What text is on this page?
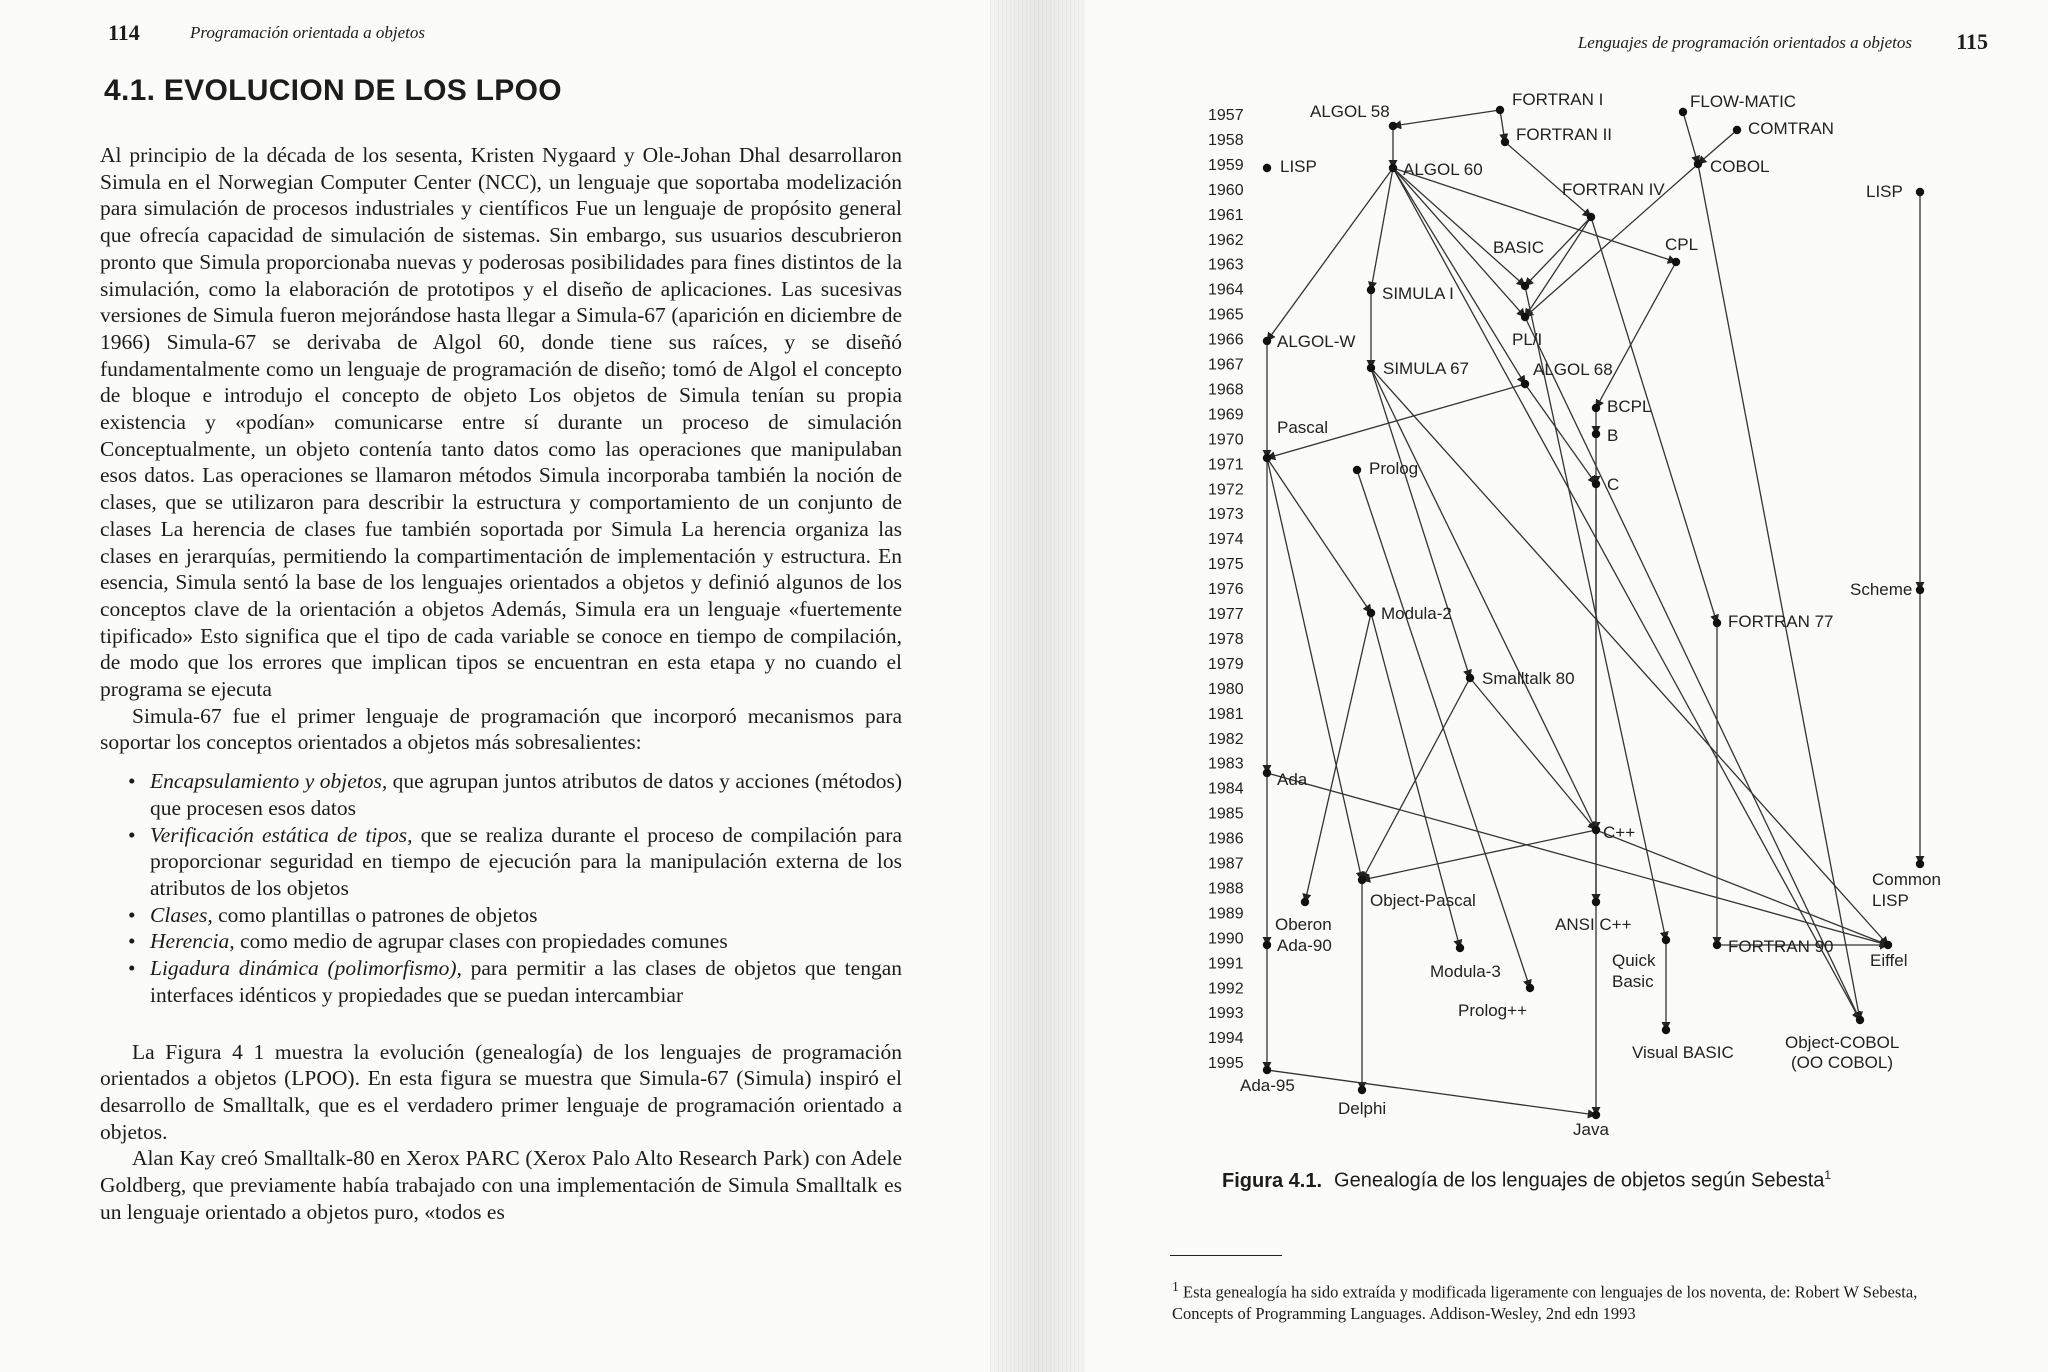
114	Programación orientada a objetos
4.1. EVOLUCION DE LOS LPOO

Al principio de la década de los sesenta, Kristen Nygaard y Ole-Johan Dhal desarrollaron Simula en el Norwegian Computer Center (NCC), un lenguaje que soportaba modelización para simulación de procesos industriales y científicos Fue un lenguaje de propósito general que ofrecía capacidad de simulación de sistemas. Sin embargo, sus usuarios descubrieron pronto que Simula proporcionaba nuevas y poderosas posibilidades para fines distintos de la simulación, como la elaboración de prototipos y el diseño de aplicaciones. Las sucesivas versiones de Simula fueron mejorándose hasta llegar a Simula-67 (aparición en diciembre de 1966) Simula-67 se derivaba de Algol 60, donde tiene sus raíces, y se diseñó fundamentalmente como un lenguaje de programación de diseño; tomó de Algol el concepto de bloque e introdujo el concepto de objeto Los objetos de Simula tenían su propia existencia y «podían» comunicarse entre sí durante un proceso de simulación Conceptualmente, un objeto contenía tanto datos como las operaciones que manipulaban esos datos. Las operaciones se llamaron métodos Simula incorporaba también la noción de clases, que se utilizaron para describir la estructura y comportamiento de un conjunto de clases La herencia de clases fue también soportada por Simula La herencia organiza las clases en jerarquías, permitiendo la compartimentación de implementación y estructura. En esencia, Simula sentó la base de los lenguajes orientados a objetos y definió algunos de los conceptos clave de la orientación a objetos Además, Simula era un lenguaje «fuertemente tipificado» Esto significa que el tipo de cada variable se conoce en tiempo de compilación, de modo que los errores que implican tipos se encuentran en esta etapa y no cuando el programa se ejecuta

Simula-67 fue el primer lenguaje de programación que incorporó mecanismos para soportar los conceptos orientados a objetos más sobresalientes:

• Encapsulamiento y objetos, que agrupan juntos atributos de datos y acciones (métodos) que procesen esos datos
• Verificación estática de tipos, que se realiza durante el proceso de compilación para proporcionar seguridad en tiempo de ejecución para la manipulación externa de los atributos de los objetos
• Clases, como plantillas o patrones de objetos
• Herencia, como medio de agrupar clases con propiedades comunes
• Ligadura dinámica (polimorfismo), para permitir a las clases de objetos que tengan interfaces idénticos y propiedades que se puedan intercambiar

La Figura 4 1 muestra la evolución (genealogía) de los lenguajes de programación orientados a objetos (LPOO). En esta figura se muestra que Simula-67 (Simula) inspiró el desarrollo de Smalltalk, que es el verdadero primer lenguaje de programación orientado a objetos.

Alan Kay creó Smalltalk-80 en Xerox PARC (Xerox Palo Alto Research Park) con Adele Goldberg, que previamente había trabajado con una implementación de Simula Smalltalk es un lenguaje orientado a objetos puro, «todos es

Lenguajes de programación orientados a objetos 115
1957
1958
1959
1960
1961
1962
1963
1964
1965
1966
1967
1968
1969
1970
1971
1972
1973
1974
1975
1976
1977
1978
1979
1980
1981
1982
1983
1984
1985
1986
1987
1988
1989
1990
1991
1992
1993
1994
1995
ALGOL 58
FORTRAN I	FLOW-MATIC
FORTRAN II	COMTRAN
LISP	ALGOL 60	COBOL
FORTRAN IV	LISP
BASIC	CPL
SIMULA I
ALGOL-W	PL/I
SIMULA 67	ALGOL 68
BCPL
Pascal	B
Prolog
C
Scheme
Modula-2	FORTRAN 77
Smalltalk 80
Ada
C++
Common
LISP
Object-Pascal
Oberon	ANSI C++
Ada-90	FORTRAN 90
Eiffel
Modula-3
Quick
Basic
Prolog++
Visual BASIC
Object-COBOL
(OO COBOL)
Ada-95
Delphi
Java
Figura 4.1. Genealogía de los lenguajes de objetos según Sebesta$^1$
$^1$ Esta genealogía ha sido extraída y modificada ligeramente con lenguajes de los noventa, de: Robert W Sebesta, Concepts of Programming Languages. Addison-Wesley, 2nd edn 1993
